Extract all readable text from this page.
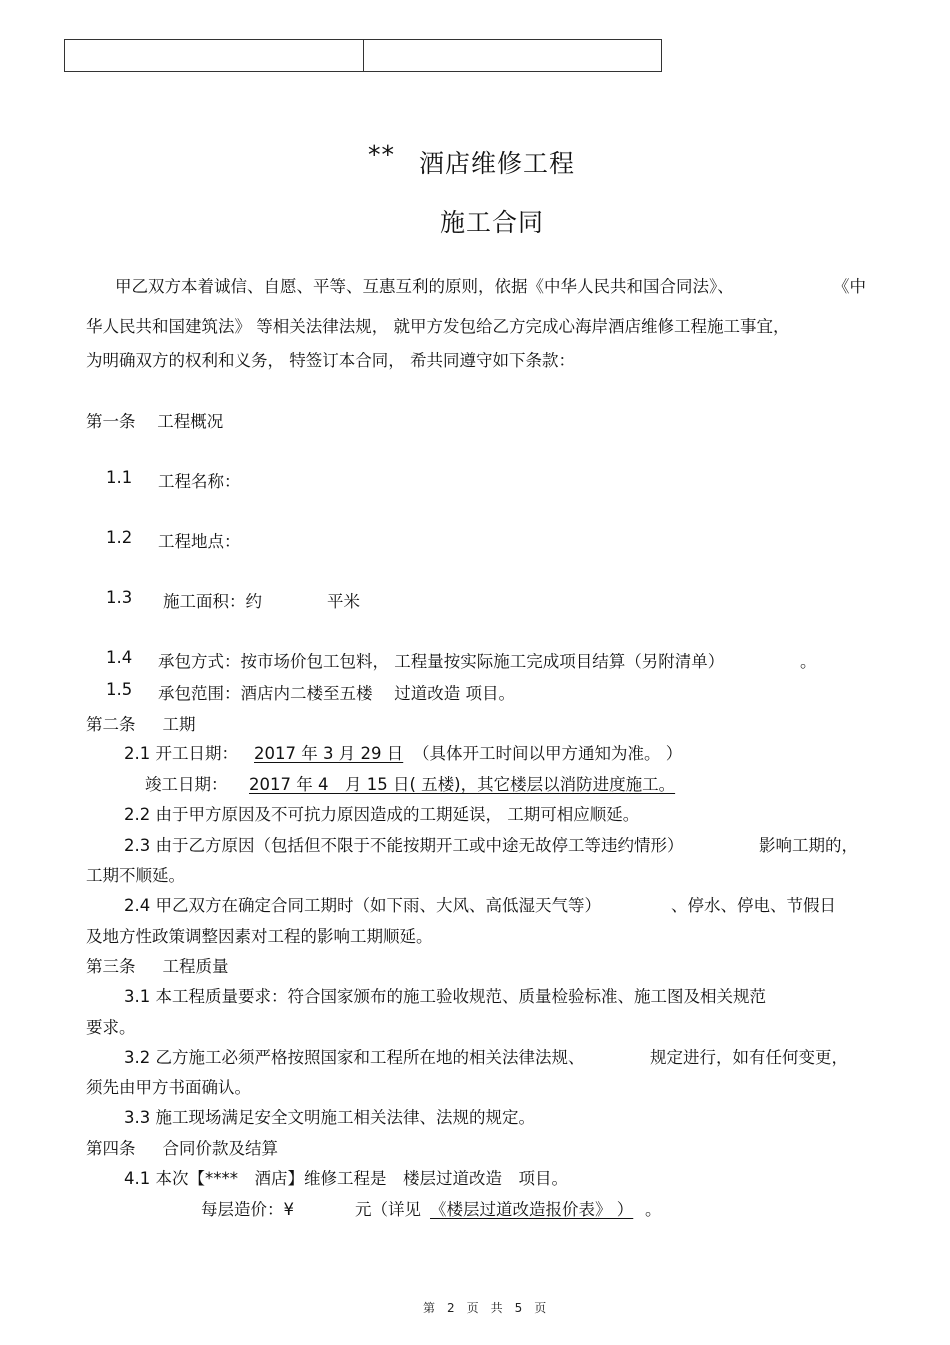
** 酒店维修工程
施工合同
甲乙双方本着诚信、自愿、平等、互惠互利的原则，依据《中华人民共和国合同法》、	《中
华人民共和国建筑法》 等相关法律法规， 就甲方发包给乙方完成心海岸酒店维修工程施工事宜，
为明确双方的权利和义务， 特签订本合同， 希共同遵守如下条款：
第一条　 工程概况
1.1 工程名称：
1.2 工程地点：
1.3 施工面积：约	平米
1.4 承包方式：按市场价包工包料， 工程量按实际施工完成项目结算（另附清单）	。
1.5 承包范围：酒店内二楼至五楼 　过道改造 项目。
第二条 　 工期
2.1 开工日期： 2017 年 3 月 29 日 （具体开工时间以甲方通知为准。 ）
竣工日期： 2017 年 4　月 15 日( 五楼)，其它楼层以消防进度施工。
2.2 由于甲方原因及不可抗力原因造成的工期延误， 工期可相应顺延。
2.3 由于乙方原因（包括但不限于不能按期开工或中途无故停工等违约情形）	影响工期的，
工期不顺延。
2.4 甲乙双方在确定合同工期时（如下雨、大风、高低湿天气等）	、停水、停电、节假日
及地方性政策调整因素对工程的影响工期顺延。
第三条 　 工程质量
3.1 本工程质量要求：符合国家颁布的施工验收规范、质量检验标准、施工图及相关规范
要求。
3.2 乙方施工必须严格按照国家和工程所在地的相关法律法规、	规定进行，如有任何变更，
须先由甲方书面确认。
3.3 施工现场满足安全文明施工相关法律、法规的规定。
第四条 　 合同价款及结算
4.1 本次【****　酒店】维修工程是　楼层过道改造　项目。
每层造价：¥	元（详见 《楼层过道改造报价表》 ） 。
第　2　页　共　5　页
